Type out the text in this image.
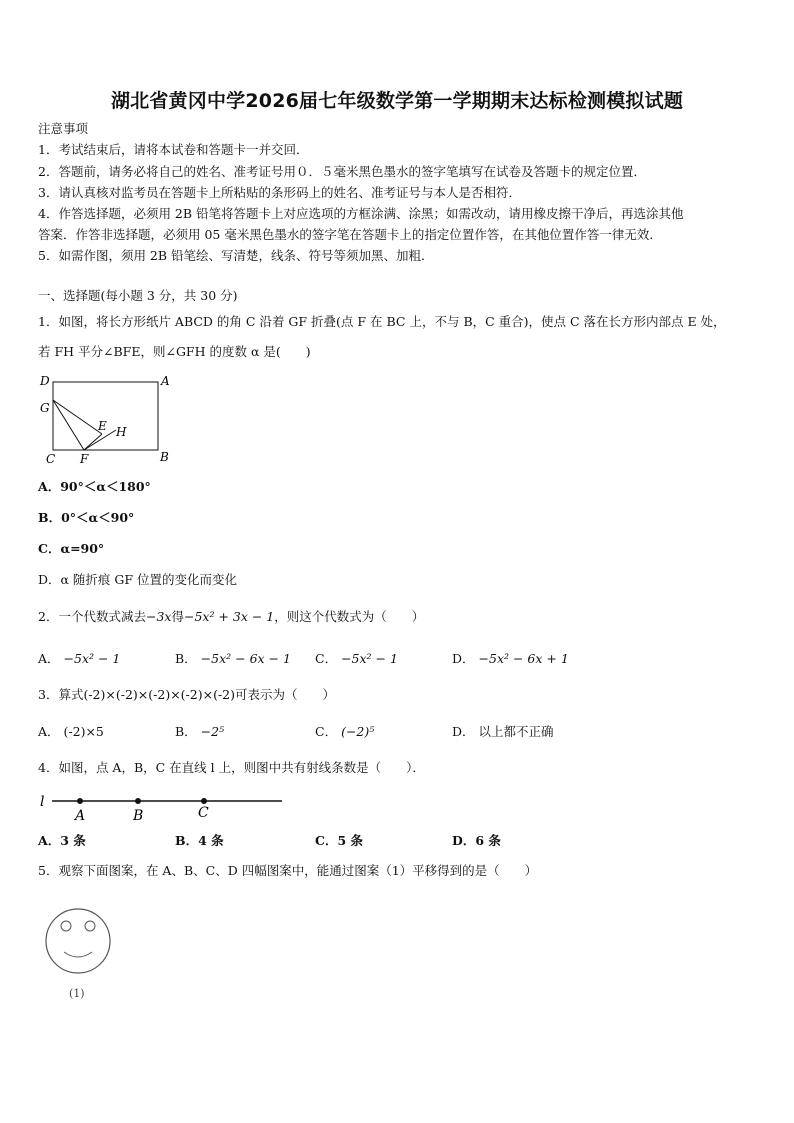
湖北省黄冈中学2026届七年级数学第一学期期末达标检测模拟试题
注意事项
1．考试结束后，请将本试卷和答题卡一并交回．
2．答题前，请务必将自己的姓名、准考证号用０．５毫米黑色墨水的签字笔填写在试卷及答题卡的规定位置．
3．请认真核对监考员在答题卡上所粘贴的条形码上的姓名、准考证号与本人是否相符．
4．作答选择题，必须用 2B 铅笔将答题卡上对应选项的方框涂满、涂黑；如需改动，请用橡皮擦干净后，再选涂其他
答案．作答非选择题，必须用 05 毫米黑色墨水的签字笔在答题卡上的指定位置作答，在其他位置作答一律无效．
5．如需作图，须用 2B 铅笔绘、写清楚，线条、符号等须加黑、加粗．
一、选择题(每小题 3 分，共 30 分)
1．如图，将长方形纸片 ABCD 的角 C 沿着 GF 折叠(点 F 在 BC 上，不与 B，C 重合)，使点 C 落在长方形内部点 E 处，
若 FH 平分∠BFE，则∠GFH 的度数 α 是(　　)
D	A
G
E H
C F	B
A．90°＜α＜180°
B．0°＜α＜90°
C．α=90°
D．α 随折痕 GF 位置的变化而变化
2．一个代数式减去−3x得−5x² + 3x − 1，则这个代数式为（　　）
A． −5x² − 1	B． −5x² − 6x − 1 C． −5x² − 1	D． −5x² − 6x + 1
3．算式(-2)×(-2)×(-2)×(-2)×(-2)可表示为（　　）
A． (-2)×5	B． −2⁵	C． (−2)⁵	D． 以上都不正确
4．如图，点 A，B，C 在直线 l 上，则图中共有射线条数是（　　）．
l
A	B	C
A．3 条	B．4 条	C．5 条	D．6 条
5．观察下面图案，在 A、B、C、D 四幅图案中，能通过图案（1）平移得到的是（　　）
(1)
